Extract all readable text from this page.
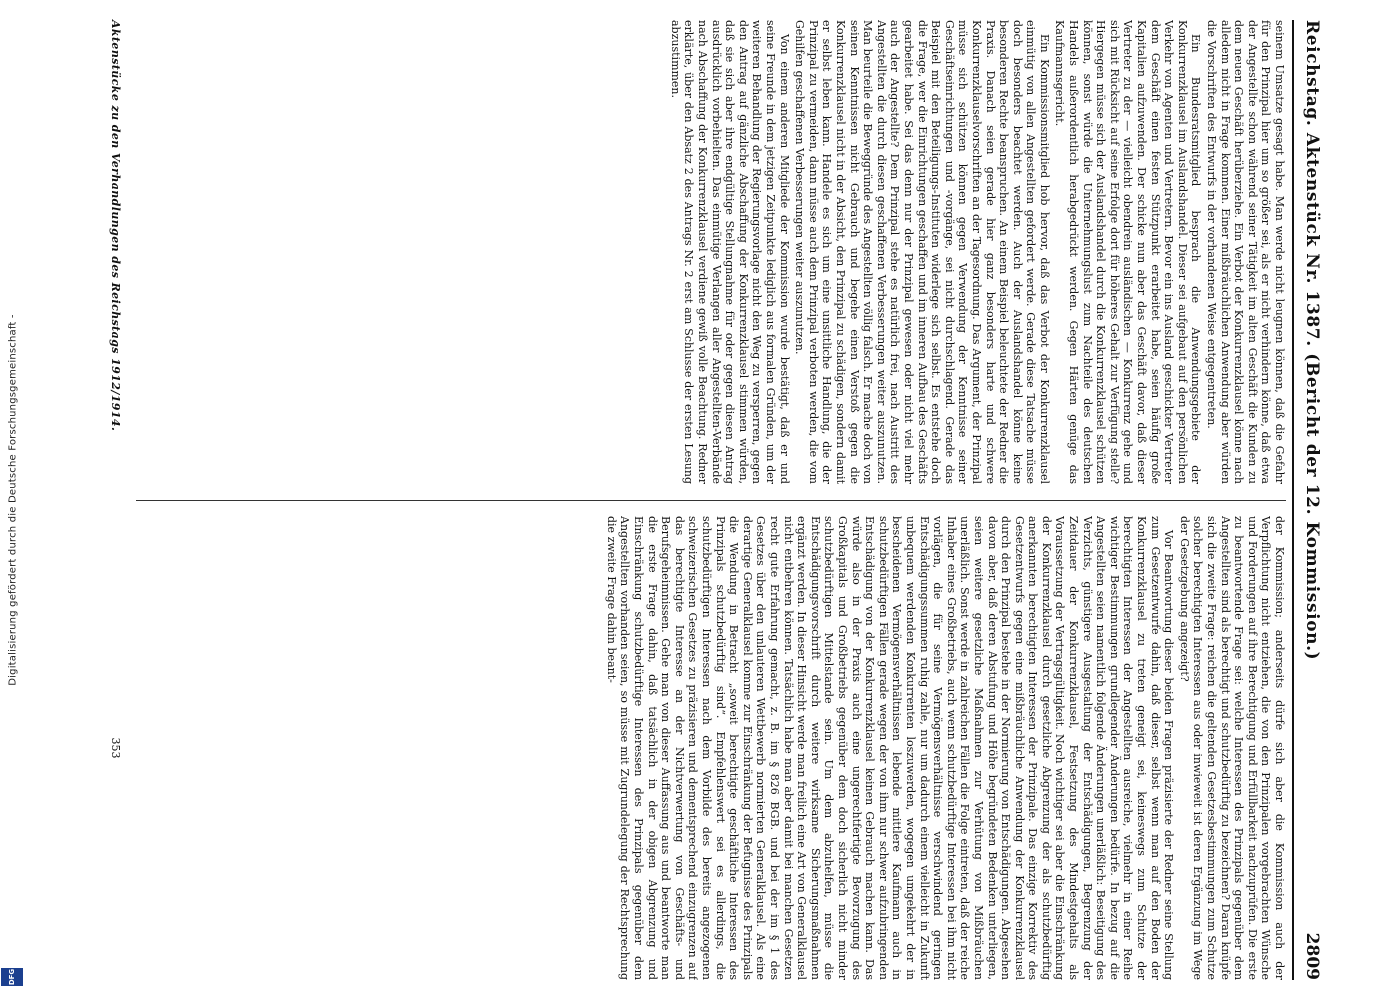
Digitalisierung gefördert durch die Deutsche Forschungsgemeinschaft -
DFG
Reichstag. Aktenstück Nr. 1387. (Bericht der 12. Kommission.)
2809

seinem Umsatze gesagt habe. Man werde nicht leugnen können, daß die Gefahr für den Prinzipal hier um so größer sei, als er nicht verhindern könne, daß etwa der Angestellte schon während seiner Tätigkeit im alten Geschäft die Kunden zu dem neuen Geschäft herüberziehe. Ein Verbot der Konkurrenzklausel könne nach alledem nicht in Frage kommen. Einer mißbräuchlichen Anwendung aber würden die Vorschriften des Entwurfs in der vorhandenen Weise entgegentreten.

Ein Bundesratsmitglied besprach die Anwendungsgebiete der Konkurrenzklausel im Auslandshandel. Dieser sei aufgebaut auf den persönlichen Verkehr von Agenten und Vertretern. Bevor ein ins Ausland geschickter Vertreter dem Geschäft einen festen Stützpunkt erarbeitet habe, seien häufig große Kapitalien aufzuwenden. Der schicke nun aber das Geschäft davor, daß dieser Vertreter zu der — vielleicht obendrein ausländischen — Konkurrenz gehe und sich mit Rücksicht auf seine Erfolge dort für höheres Gehalt zur Verfügung stelle? Hiergegen müsse sich der Auslandshandel durch die Konkurrenzklausel schützen können, sonst würde die Unternehmungslust zum Nachteile des deutschen Handels außerordentlich herabgedrückt werden. Gegen Härten genüge das Kaufmannsgericht.

Ein Kommissionsmitglied hob hervor, daß das Verbot der Konkurrenzklausel einmütig von allen Angestellten gefordert werde. Gerade diese Tatsache müsse doch besonders beachtet werden. Auch der Auslandshandel könne keine besonderen Rechte beanspruchen. An einem Beispiel beleuchtete der Redner die Praxis. Danach seien gerade hier ganz besonders harte und schwere Konkurrenzklauselvorschriften an der Tagesordnung. Das Argument, der Prinzipal müsse sich schützen können gegen Verwendung der Kenntnisse seiner Geschäftseinrichtungen und -vorgänge, sei nicht durchschlagend. Gerade das Beispiel mit den Beteiligungs-Instituten widerlege sich selbst. Es entstehe doch die Frage, wer die Einrichtungen geschaffen und im inneren Aufbau des Geschäfts gearbeitet habe. Sei das denn nur der Prinzipal gewesen oder nicht viel mehr auch der Angestellte? Dem Prinzipal stehe es natürlich frei, nach Austritt des Angestellten die durch diesen geschaffenen Verbesserungen weiter auszunutzen. Man beurteile die Beweggründe des Angestellten völlig falsch. Er mache doch von seinen Kenntnissen nicht Gebrauch und begehe einen Verstoß gegen die Konkurrenzklausel nicht in der Absicht, den Prinzipal zu schädigen, sondern damit er selbst leben kann. Handele es sich um eine unsittliche Handlung, die der Prinzipal zu vermeiden, dann müsse auch dem Prinzipal verboten werden, die vom Gehilfen geschaffenen Verbesserungen weiter auszunutzen.

Von einem anderen Mitgliede der Kommission wurde bestätigt, daß er und seine Freunde in dem jetzigen Zeitpunkte lediglich aus formalen Gründen, um der weiteren Behandlung der Regierungsvorlage nicht den Weg zu versperren, gegen den Antrag auf gänzliche Abschaffung der Konkurrenzklausel stimmen würden, daß sie sich aber ihre endgültige Stellungnahme für oder gegen diesen Antrag ausdrücklich vorbehielten. Das einmütige Verlangen aller Angestellten-Verbände nach Abschaffung der Konkurrenzklausel verdiene gewiß volle Beachtung. Redner erklärte, über den Absatz 2 des Antrags Nr. 2 erst am Schlusse der ersten Lesung abzustimmen.

der Kommission; anderseits dürfe sich aber die Kommission auch der Verpflichtung nicht entziehen, die von den Prinzipalen vorgebrachten Wünsche und Forderungen auf ihre Berechtigung und Erfüllbarkeit nachzuprüfen. Die erste zu beantwortende Frage sei: welche Interessen des Prinzipals gegenüber dem Angestellten sind als berechtigt und schutzbedürftig zu bezeichnen? Daran knüpfe sich die zweite Frage: reichen die geltenden Gesetzesbestimmungen zum Schutze solcher berechtigten Interessen aus oder inwieweit ist deren Ergänzung im Wege der Gesetzgebung angezeigt?

Vor Beantwortung dieser beiden Fragen präzisierte der Redner seine Stellung zum Gesetzentwurfe dahin, daß dieser, selbst wenn man auf den Boden der Konkurrenzklausel zu treten geneigt sei, keineswegs zum Schutze der berechtigten Interessen der Angestellten ausreiche, vielmehr in einer Reihe wichtiger Bestimmungen grundlegender Änderungen bedürfe. In bezug auf die Angestellten seien namentlich folgende Änderungen unerläßlich: Beseitigung des Verzichts, günstigere Ausgestaltung der Entschädigungen, Begrenzung der Zeitdauer der Konkurrenzklausel, Festsetzung des Mindestgehalts als Voraussetzung der Vertragsgültigkeit. Noch wichtiger sei aber die Einschränkung der Konkurrenzklausel durch gesetzliche Abgrenzung der als schutzbedürftig anerkannten berechtigten Interessen der Prinzipale. Das einzige Korrektiv des Gesetzentwurfs gegen eine mißbräuchliche Anwendung der Konkurrenzklausel durch den Prinzipal bestehe in der Normierung von Entschädigungen. Abgesehen davon aber, daß deren Abstufung und Höhe begründeten Bedenken unterliegen, seien weitere gesetzliche Maßnahmen zur Verhütung von Mißbräuchen unerläßlich. Sonst werde in zahlreichen Fällen die Folge eintreten, daß der reiche Inhaber eines Großbetriebs, auch wenn schutzbedürftige Interessen bei ihm nicht vorlägen, die für seine Vermögensverhältnisse verschwindend geringen Entschädigungssummen ruhig zahle, nur um dadurch einem vielleicht in Zukunft unbequem werdenden Konkurrenten loszuwerden, wogegen umgekehrt der in bescheidenen Vermögensverhältnissen lebende mittlere Kaufmann auch in schutzbedürftigen Fällen gerade wegen der von ihm nur schwer aufzubringenden Entschädigung von der Konkurrenzklausel keinen Gebrauch machen kann. Das würde also in der Praxis auch eine ungerechtfertigte Bevorzugung des Großkapitals und Großbetriebs gegenüber dem doch sicherlich nicht minder schutzbedürftigen Mittelstande sein. Um dem abzuhelfen, müsse die Entschädigungsvorschrift durch weitere wirksame Sicherungsmaßnahmen ergänzt werden. In dieser Hinsicht werde man freilich eine Art von Generalklausel nicht entbehren können. Tatsächlich habe man aber damit bei manchen Gesetzen recht gute Erfahrung gemacht, z. B. im § 826 BGB. und bei der im § 1 des Gesetzes über den unlauteren Wettbewerb normierten Generalklausel. Als eine derartige Generalklausel komme zur Einschränkung der Befugnisse des Prinzipals die Wendung in Betracht „soweit berechtigte geschäftliche Interessen des Prinzipals schutzbedürftig sind“. Empfehlenswert sei es allerdings, die schutzbedürftigen Interessen nach dem Vorbilde des bereits angezogenen schweizerischen Gesetzes zu präzisieren und dementsprechend einzugrenzen auf das berechtigte Interesse an der Nichtverwertung von Geschäfts- und Berufsgeheimnissen. Gehe man von dieser Auffassung aus und beantworte man die erste Frage dahin, daß tatsächlich in der obigen Abgrenzung und Einschränkung schutzbedürftige Interessen des Prinzipals gegenüber dem Angestellten vorhanden seien, so müsse mit Zugrundelegung der Rechtsprechung die zweite Frage dahin beant-

Aktenstücke zu den Verhandlungen des Reichstags 1912/1914.
353
